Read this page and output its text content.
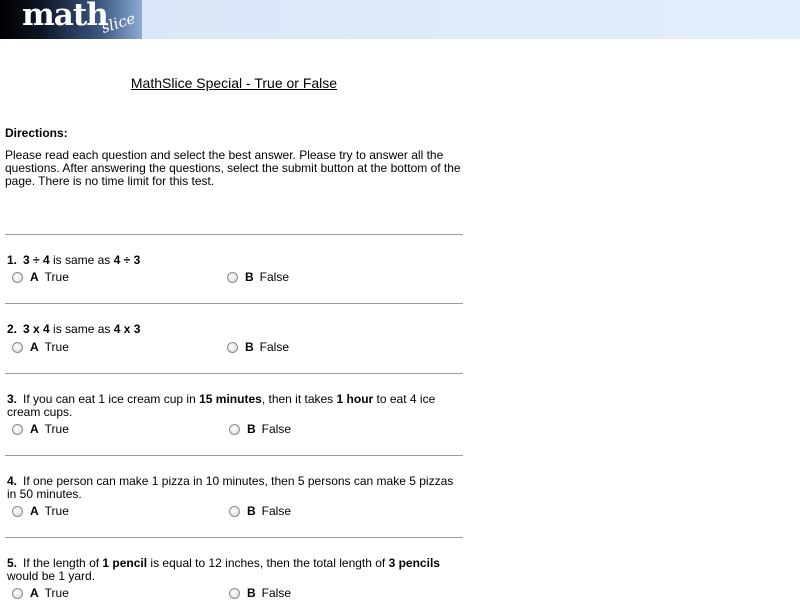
math
slice
MathSlice Special - True or False
Directions:
Please read each question and select the best answer. Please try to answer all the questions. After answering the questions, select the submit button at the bottom of the page. There is no time limit for this test.
1. 3 ÷ 4 is same as 4 ÷ 3
A True	B False
2. 3 x 4 is same as 4 x 3
A True	B False
3. If you can eat 1 ice cream cup in 15 minutes, then it takes 1 hour to eat 4 ice cream cups.
A True	B False
4. If one person can make 1 pizza in 10 minutes, then 5 persons can make 5 pizzas in 50 minutes.
A True	B False
5. If the length of 1 pencil is equal to 12 inches, then the total length of 3 pencils would be 1 yard.
A True	B False
